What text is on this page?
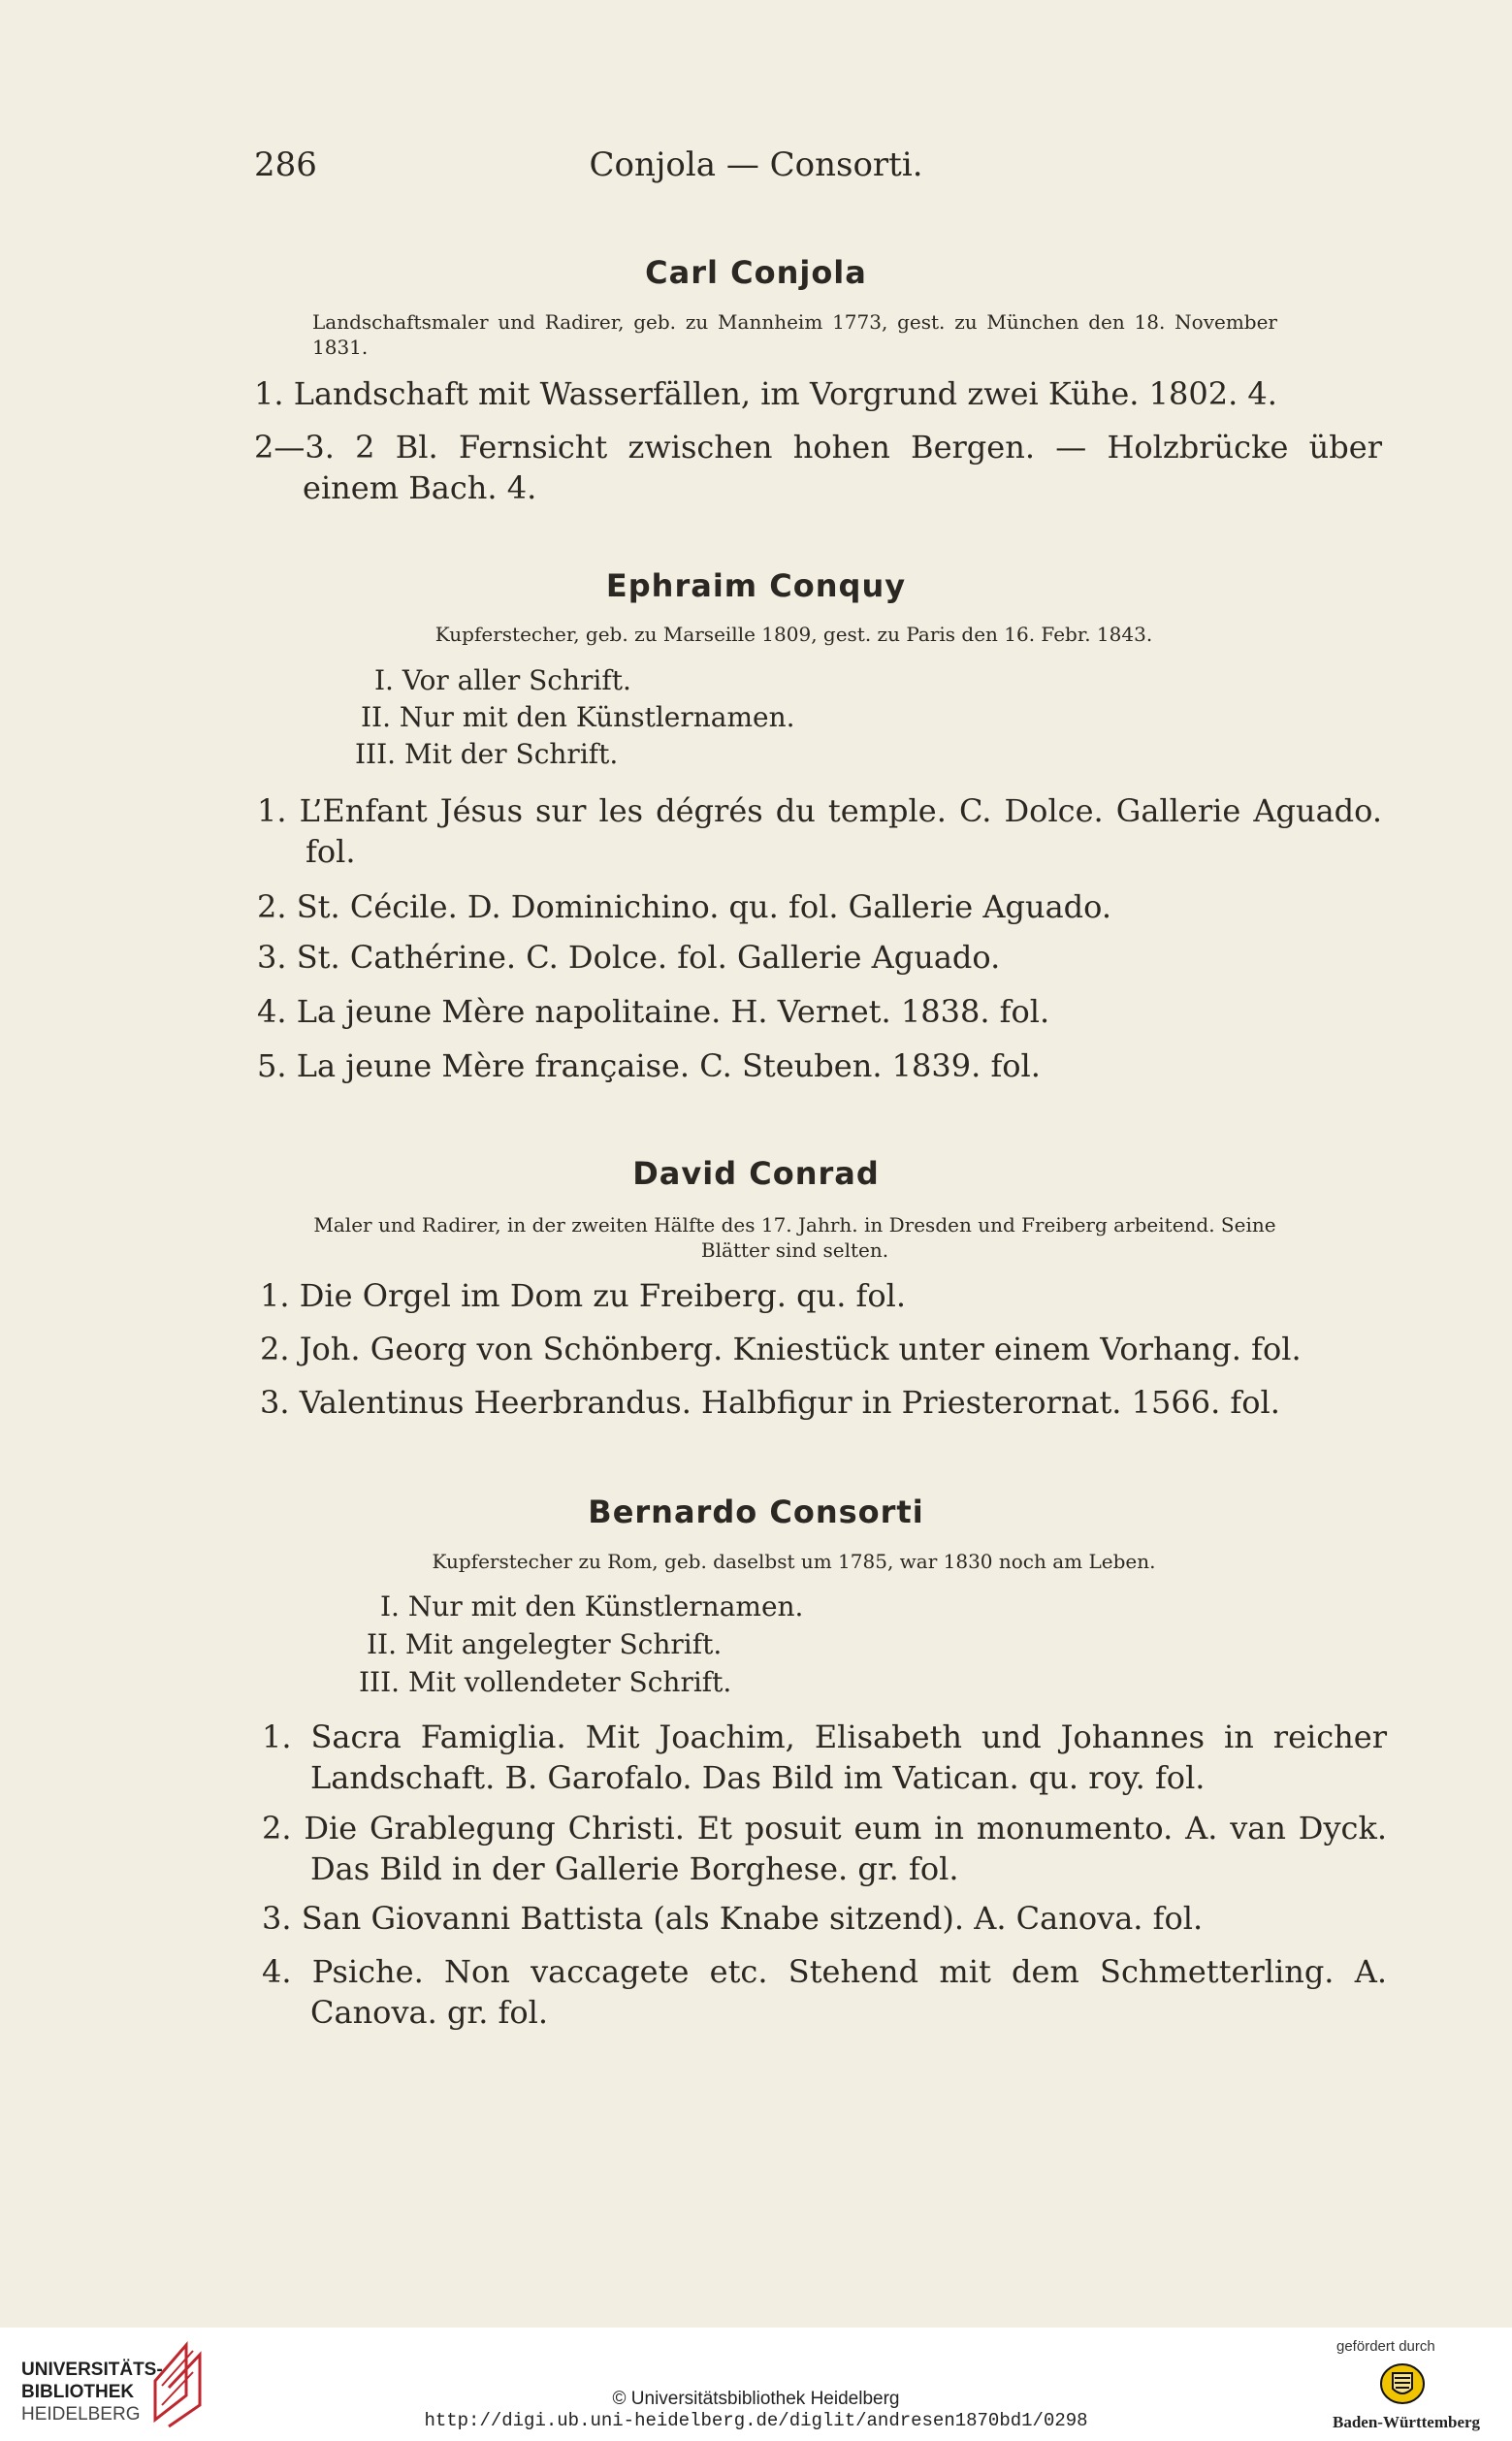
286	Conjola — Consorti.
Carl Conjola

Landschaftsmaler und Radirer, geb. zu Mannheim 1773, gest. zu München den 18. November 1831.

1. Landschaft mit Wasserfällen, im Vorgrund zwei Kühe. 1802. 4.

2—3. 2 Bl. Fernsicht zwischen hohen Bergen. — Holzbrücke über einem Bach. 4.

Ephraim Conquy

Kupferstecher, geb. zu Marseille 1809, gest. zu Paris den 16. Febr. 1843.

I. Vor aller Schrift.

II. Nur mit den Künstlernamen.

III. Mit der Schrift.

1. L’Enfant Jésus sur les dégrés du temple. C. Dolce. Gallerie Aguado. fol.

2. St. Cécile. D. Dominichino. qu. fol. Gallerie Aguado.

3. St. Cathérine. C. Dolce. fol. Gallerie Aguado.

4. La jeune Mère napolitaine. H. Vernet. 1838. fol.

5. La jeune Mère française. C. Steuben. 1839. fol.

David Conrad

Maler und Radirer, in der zweiten Hälfte des 17. Jahrh. in Dresden und Freiberg arbeitend. Seine Blätter sind selten.

1. Die Orgel im Dom zu Freiberg. qu. fol.

2. Joh. Georg von Schönberg. Kniestück unter einem Vorhang. fol.

3. Valentinus Heerbrandus. Halbfigur in Priesterornat. 1566. fol.

Bernardo Consorti

Kupferstecher zu Rom, geb. daselbst um 1785, war 1830 noch am Leben.

I. Nur mit den Künstlernamen.

II. Mit angelegter Schrift.

III. Mit vollendeter Schrift.

1. Sacra Famiglia. Mit Joachim, Elisabeth und Johannes in reicher Landschaft. B. Garofalo. Das Bild im Vatican. qu. roy. fol.

2. Die Grablegung Christi. Et posuit eum in monumento. A. van Dyck. Das Bild in der Gallerie Borghese. gr. fol.

3. San Giovanni Battista (als Knabe sitzend). A. Canova. fol.

4. Psiche. Non vaccagete etc. Stehend mit dem Schmetterling. A. Canova. gr. fol.

UNIVERSITÄTS-
BIBLIOTHEK
HEIDELBERG
© Universitätsbibliothek Heidelberg
http://digi.ub.uni-heidelberg.de/diglit/andresen1870bd1/0298
gefördert durch
Baden-Württemberg
